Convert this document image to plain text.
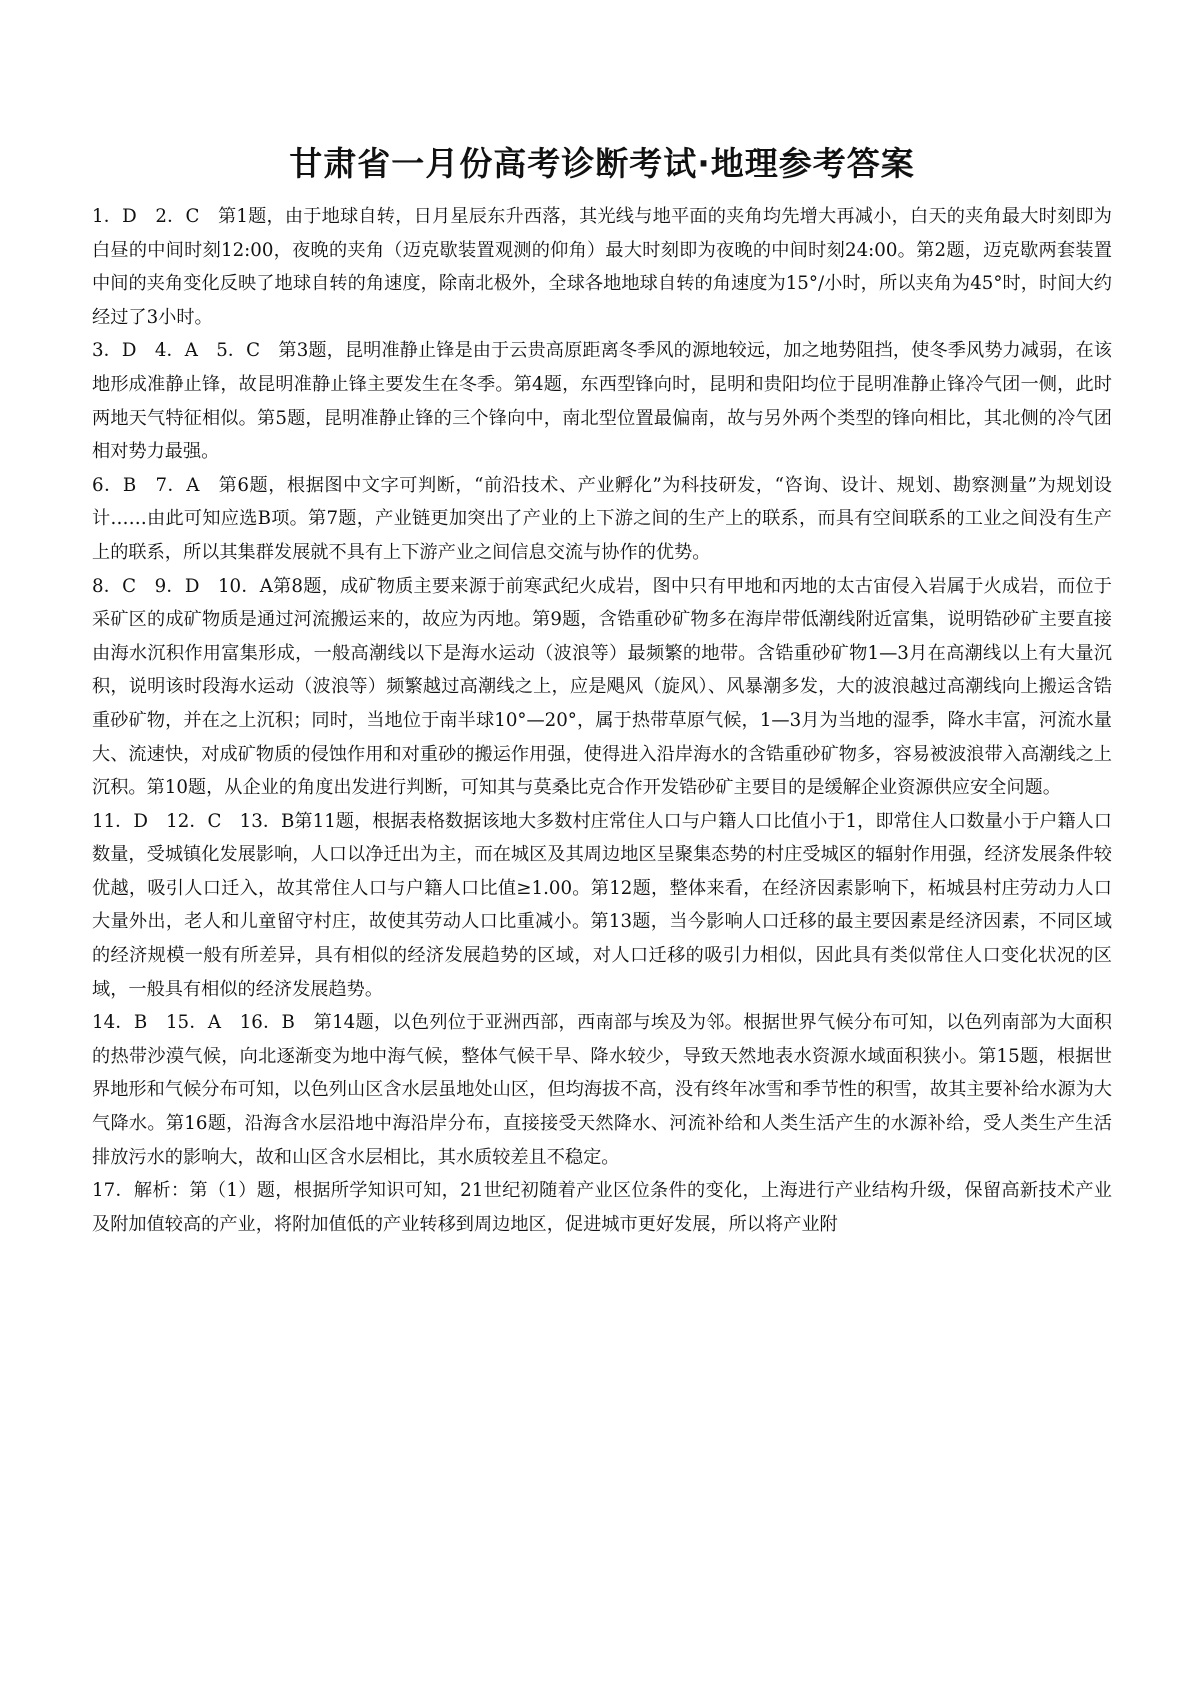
甘肃省一月份高考诊断考试·地理参考答案

1．D　2．C　第1题，由于地球自转，日月星辰东升西落，其光线与地平面的夹角均先增大再减小，白天的夹角最大时刻即为白昼的中间时刻12:00，夜晚的夹角（迈克歇装置观测的仰角）最大时刻即为夜晚的中间时刻24:00。第2题，迈克歇两套装置中间的夹角变化反映了地球自转的角速度，除南北极外，全球各地地球自转的角速度为15°/小时，所以夹角为45°时，时间大约经过了3小时。

3．D　4．A　5．C　第3题，昆明准静止锋是由于云贵高原距离冬季风的源地较远，加之地势阻挡，使冬季风势力减弱，在该地形成准静止锋，故昆明准静止锋主要发生在冬季。第4题，东西型锋向时，昆明和贵阳均位于昆明准静止锋冷气团一侧，此时两地天气特征相似。第5题，昆明准静止锋的三个锋向中，南北型位置最偏南，故与另外两个类型的锋向相比，其北侧的冷气团相对势力最强。

6．B　7．A　第6题，根据图中文字可判断，“前沿技术、产业孵化”为科技研发，“咨询、设计、规划、勘察测量”为规划设计……由此可知应选B项。第7题，产业链更加突出了产业的上下游之间的生产上的联系，而具有空间联系的工业之间没有生产上的联系，所以其集群发展就不具有上下游产业之间信息交流与协作的优势。

8．C　9．D　10．A第8题，成矿物质主要来源于前寒武纪火成岩，图中只有甲地和丙地的太古宙侵入岩属于火成岩，而位于采矿区的成矿物质是通过河流搬运来的，故应为丙地。第9题，含锆重砂矿物多在海岸带低潮线附近富集，说明锆砂矿主要直接由海水沉积作用富集形成，一般高潮线以下是海水运动（波浪等）最频繁的地带。含锆重砂矿物1—3月在高潮线以上有大量沉积，说明该时段海水运动（波浪等）频繁越过高潮线之上，应是飓风（旋风）、风暴潮多发，大的波浪越过高潮线向上搬运含锆重砂矿物，并在之上沉积；同时，当地位于南半球10°—20°，属于热带草原气候，1—3月为当地的湿季，降水丰富，河流水量大、流速快，对成矿物质的侵蚀作用和对重砂的搬运作用强，使得进入沿岸海水的含锆重砂矿物多，容易被波浪带入高潮线之上沉积。第10题，从企业的角度出发进行判断，可知其与莫桑比克合作开发锆砂矿主要目的是缓解企业资源供应安全问题。

11．D　12．C　13．B第11题，根据表格数据该地大多数村庄常住人口与户籍人口比值小于1，即常住人口数量小于户籍人口数量，受城镇化发展影响，人口以净迁出为主，而在城区及其周边地区呈聚集态势的村庄受城区的辐射作用强，经济发展条件较优越，吸引人口迁入，故其常住人口与户籍人口比值≥1.00。第12题，整体来看，在经济因素影响下，柘城县村庄劳动力人口大量外出，老人和儿童留守村庄，故使其劳动人口比重减小。第13题，当今影响人口迁移的最主要因素是经济因素，不同区域的经济规模一般有所差异，具有相似的经济发展趋势的区域，对人口迁移的吸引力相似，因此具有类似常住人口变化状况的区域，一般具有相似的经济发展趋势。

14．B　15．A　16．B　第14题，以色列位于亚洲西部，西南部与埃及为邻。根据世界气候分布可知，以色列南部为大面积的热带沙漠气候，向北逐渐变为地中海气候，整体气候干旱、降水较少，导致天然地表水资源水域面积狭小。第15题，根据世界地形和气候分布可知，以色列山区含水层虽地处山区，但均海拔不高，没有终年冰雪和季节性的积雪，故其主要补给水源为大气降水。第16题，沿海含水层沿地中海沿岸分布，直接接受天然降水、河流补给和人类生活产生的水源补给，受人类生产生活排放污水的影响大，故和山区含水层相比，其水质较差且不稳定。

17．解析：第（1）题，根据所学知识可知，21世纪初随着产业区位条件的变化，上海进行产业结构升级，保留高新技术产业及附加值较高的产业，将附加值低的产业转移到周边地区，促进城市更好发展，所以将产业附
